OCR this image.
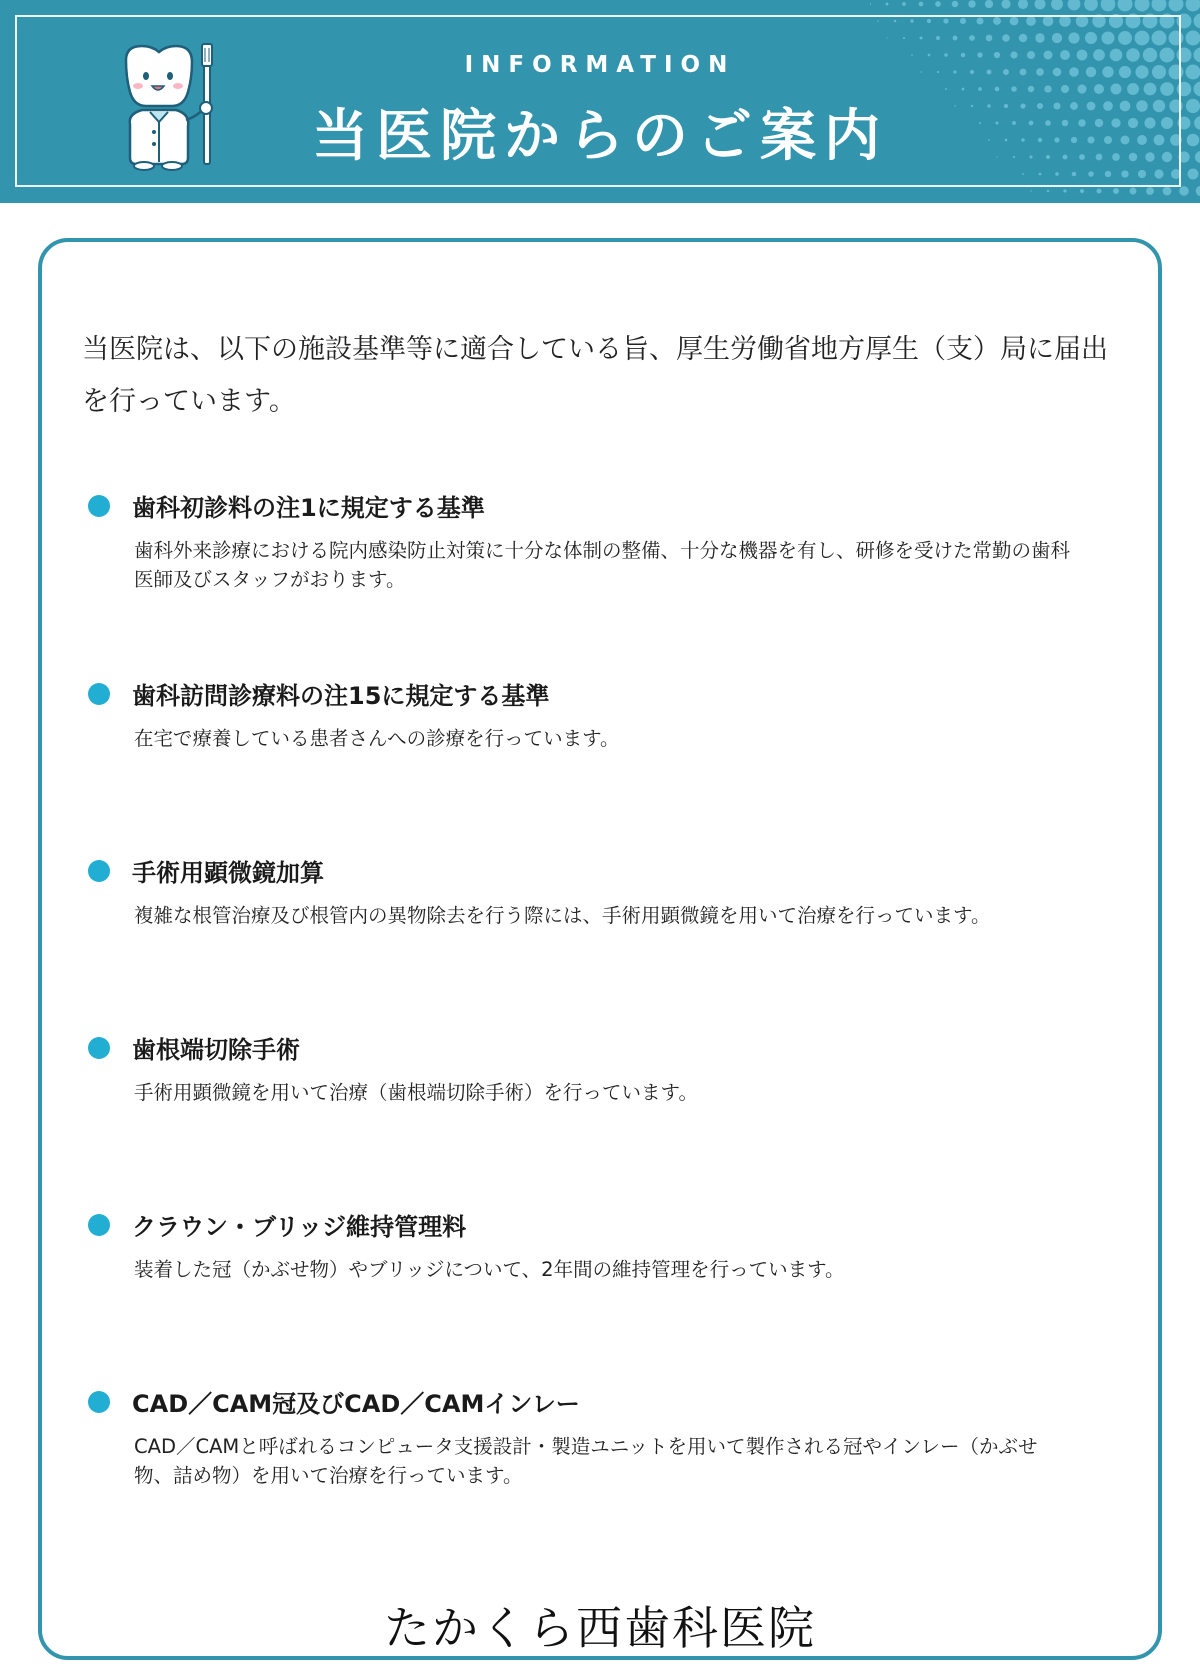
INFORMATION
当医院からのご案内
当医院は、以下の施設基準等に適合している旨、厚生労働省地方厚生（支）局に届出を行っています。
歯科初診料の注1に規定する基準
歯科外来診療における院内感染防止対策に十分な体制の整備、十分な機器を有し、研修を受けた常勤の歯科医師及びスタッフがおります。
歯科訪問診療料の注15に規定する基準
在宅で療養している患者さんへの診療を行っています。
手術用顕微鏡加算
複雑な根管治療及び根管内の異物除去を行う際には、手術用顕微鏡を用いて治療を行っています。
歯根端切除手術
手術用顕微鏡を用いて治療（歯根端切除手術）を行っています。
クラウン・ブリッジ維持管理料
装着した冠（かぶせ物）やブリッジについて、2年間の維持管理を行っています。
CAD／CAM冠及びCAD／CAMインレー
CAD／CAMと呼ばれるコンピュータ支援設計・製造ユニットを用いて製作される冠やインレー（かぶせ物、詰め物）を用いて治療を行っています。
たかくら西歯科医院
